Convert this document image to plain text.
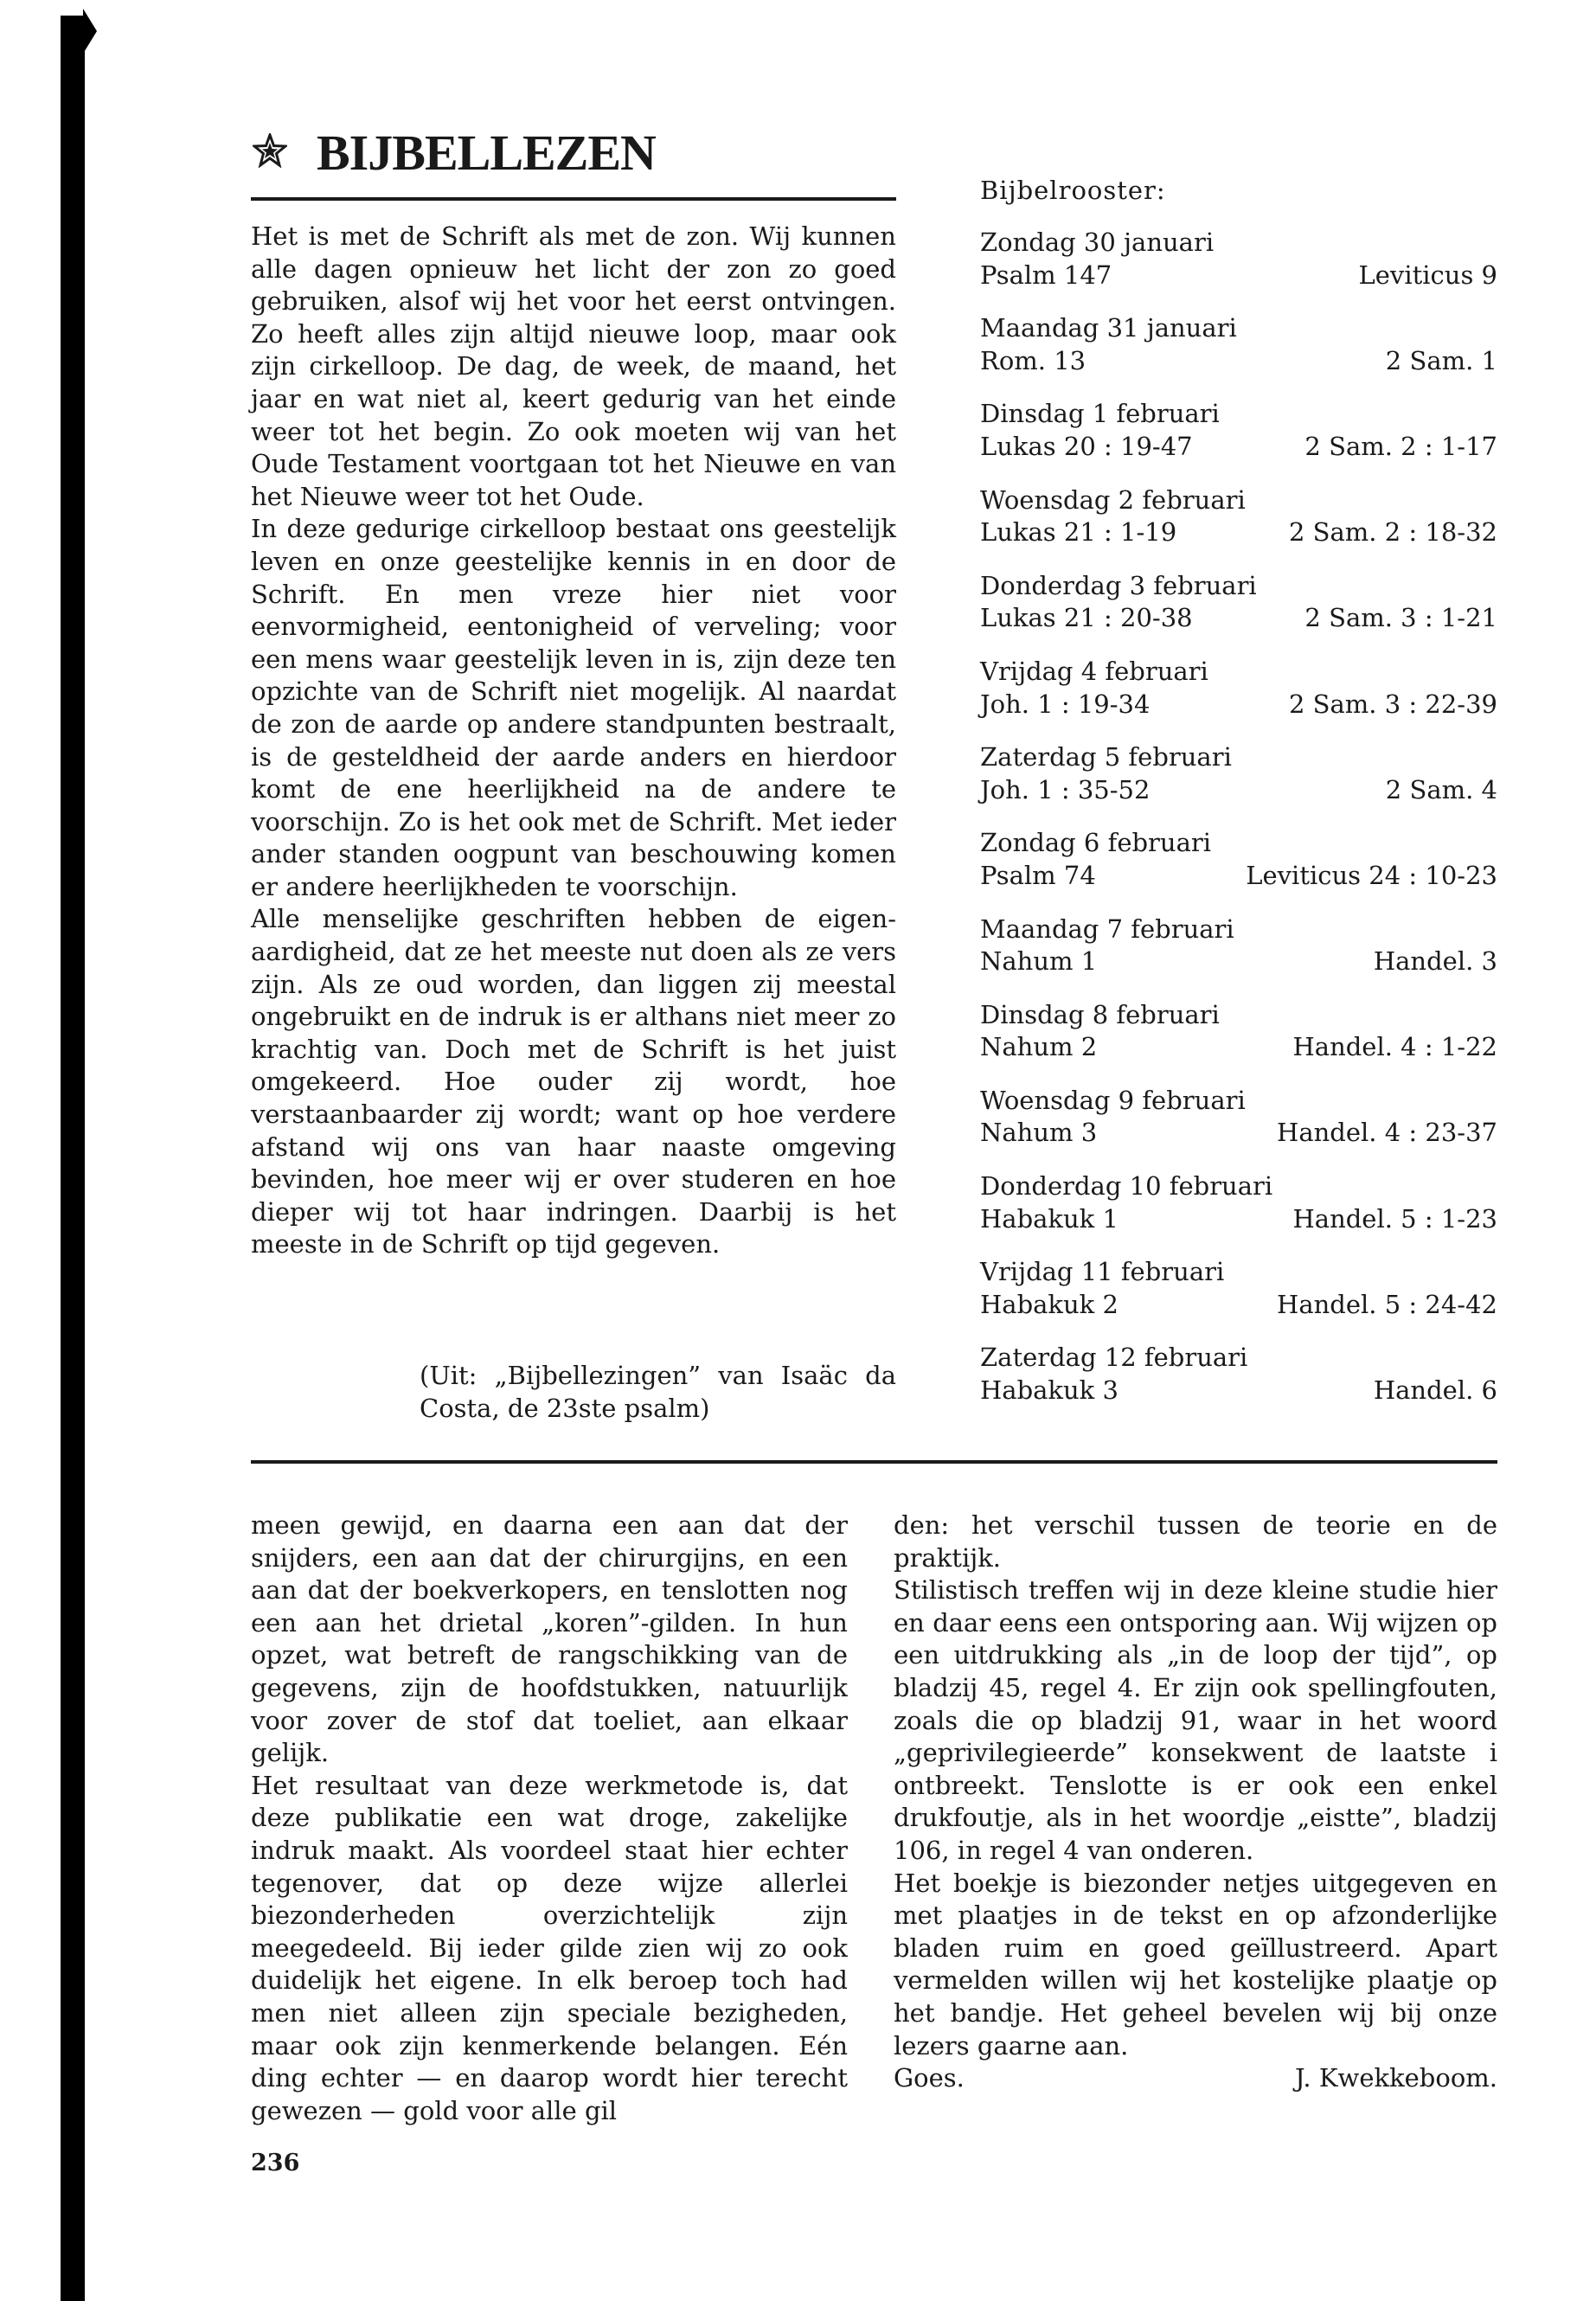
BIJBELLEZEN

Het is met de Schrift als met de zon. Wij kunnen alle dagen opnieuw het licht der zon zo goed gebruiken, alsof wij het voor het eerst ontvingen. Zo heeft alles zijn altijd nieuwe loop, maar ook zijn cirkelloop. De dag, de week, de maand, het jaar en wat niet al, keert gedurig van het einde weer tot het begin. Zo ook moeten wij van het Oude Testament voortgaan tot het Nieuwe en van het Nieuwe weer tot het Oude.

In deze gedurige cirkelloop bestaat ons geestelijk leven en onze geestelijke kennis in en door de Schrift. En men vreze hier niet voor eenvormigheid, eentonigheid of verveling; voor een mens waar geestelijk leven in is, zijn deze ten opzichte van de Schrift niet mogelijk. Al naardat de zon de aarde op andere standpunten bestraalt, is de gesteldheid der aarde anders en hierdoor komt de ene heerlijkheid na de andere te voorschijn. Zo is het ook met de Schrift. Met ieder ander standen oogpunt van beschouwing komen er andere heerlijkheden te voorschijn.

Alle menselijke geschriften hebben de eigenaardigheid, dat ze het meeste nut doen als ze vers zijn. Als ze oud worden, dan liggen zij meestal ongebruikt en de indruk is er althans niet meer zo krachtig van. Doch met de Schrift is het juist omgekeerd. Hoe ouder zij wordt, hoe verstaanbaarder zij wordt; want op hoe verdere afstand wij ons van haar naaste omgeving bevinden, hoe meer wij er over studeren en hoe dieper wij tot haar indringen. Daarbij is het meeste in de Schrift op tijd gegeven.

(Uit: „Bijbellezingen” van Isaäc da Costa, de 23ste psalm)
Bijbelrooster:
Zondag 30 januari
Psalm 147	Leviticus 9
Maandag 31 januari
Rom. 13	2 Sam. 1
Dinsdag 1 februari
Lukas 20 : 19-47	2 Sam. 2 : 1-17
Woensdag 2 februari
Lukas 21 : 1-19	2 Sam. 2 : 18-32
Donderdag 3 februari
Lukas 21 : 20-38	2 Sam. 3 : 1-21
Vrijdag 4 februari
Joh. 1 : 19-34	2 Sam. 3 : 22-39
Zaterdag 5 februari
Joh. 1 : 35-52	2 Sam. 4
Zondag 6 februari
Psalm 74	Leviticus 24 : 10-23
Maandag 7 februari
Nahum 1	Handel. 3
Dinsdag 8 februari
Nahum 2	Handel. 4 : 1-22
Woensdag 9 februari
Nahum 3	Handel. 4 : 23-37
Donderdag 10 februari
Habakuk 1	Handel. 5 : 1-23
Vrijdag 11 februari
Habakuk 2	Handel. 5 : 24-42
Zaterdag 12 februari
Habakuk 3	Handel. 6

meen gewijd, en daarna een aan dat der snijders, een aan dat der chirurgijns, en een aan dat der boekverkopers, en tenslotten nog een aan het drietal „koren”-gilden. In hun opzet, wat betreft de rangschikking van de gegevens, zijn de hoofdstukken, natuurlijk voor zover de stof dat toeliet, aan elkaar gelijk.

Het resultaat van deze werkmetode is, dat deze publikatie een wat droge, zakelijke indruk maakt. Als voordeel staat hier echter tegenover, dat op deze wijze allerlei biezonderheden overzichtelijk zijn meegedeeld. Bij ieder gilde zien wij zo ook duidelijk het eigene. In elk beroep toch had men niet alleen zijn speciale bezigheden, maar ook zijn kenmerkende belangen. Eén ding echter — en daarop wordt hier terecht gewezen — gold voor alle gil

den: het verschil tussen de teorie en de praktijk.

Stilistisch treffen wij in deze kleine studie hier en daar eens een ontsporing aan. Wij wijzen op een uitdrukking als „in de loop der tijd”, op bladzij 45, regel 4. Er zijn ook spellingfouten, zoals die op bladzij 91, waar in het woord „geprivilegieerde” konsekwent de laatste i ontbreekt. Tenslotte is er ook een enkel drukfoutje, als in het woordje „eistte”, bladzij 106, in regel 4 van onderen.

Het boekje is biezonder netjes uitgegeven en met plaatjes in de tekst en op afzonderlijke bladen ruim en goed geïllustreerd. Apart vermelden willen wij het kostelijke plaatje op het bandje. Het geheel bevelen wij bij onze lezers gaarne aan.

Goes.	J. Kwekkeboom.
236
